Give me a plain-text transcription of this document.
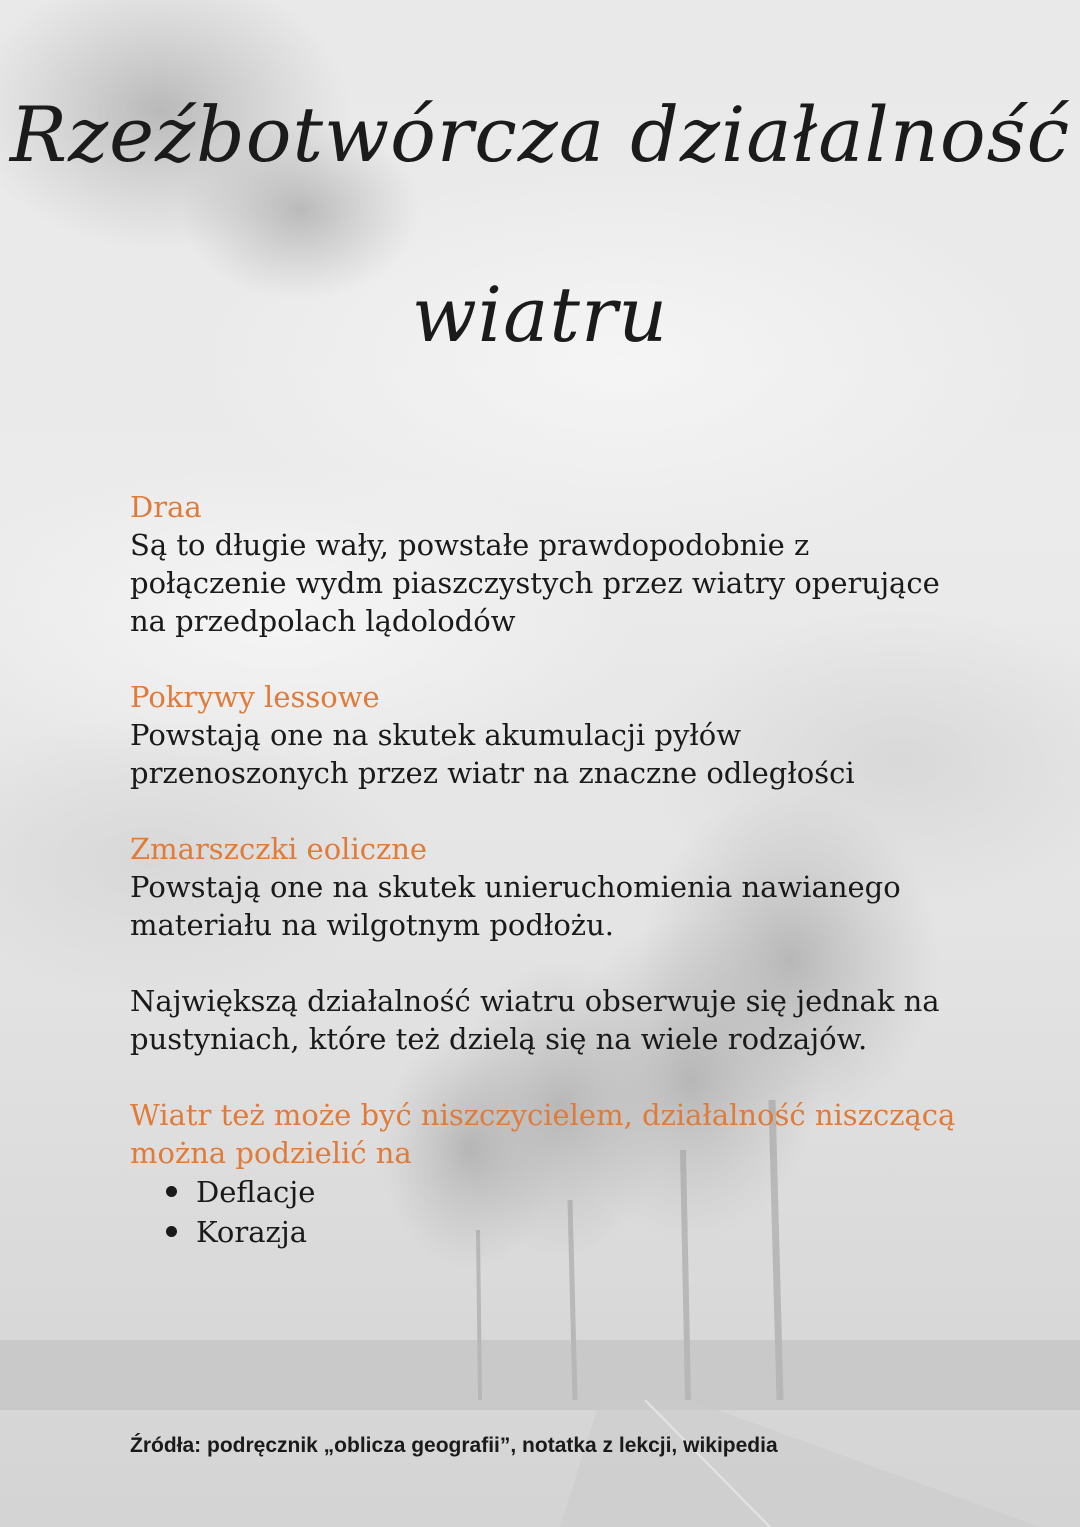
Rzeźbotwórcza działalność
wiatru

Draa
Są to długie wały, powstałe prawdopodobnie z połączenie wydm piaszczystych przez wiatry operujące na przedpolach lądolodów

Pokrywy lessowe
Powstają one na skutek akumulacji pyłów przenoszonych przez wiatr na znaczne odległości

Zmarszczki eoliczne
Powstają one na skutek unieruchomienia nawianego materiału na wilgotnym podłożu.

Największą działalność wiatru obserwuje się jednak na pustyniach, które też dzielą się na wiele rodzajów.

Wiatr też może być niszczycielem, działalność niszczącą można podzielić na

Deflacje
Korazja
Źródła: podręcznik „oblicza geografii”, notatka z lekcji, wikipedia
